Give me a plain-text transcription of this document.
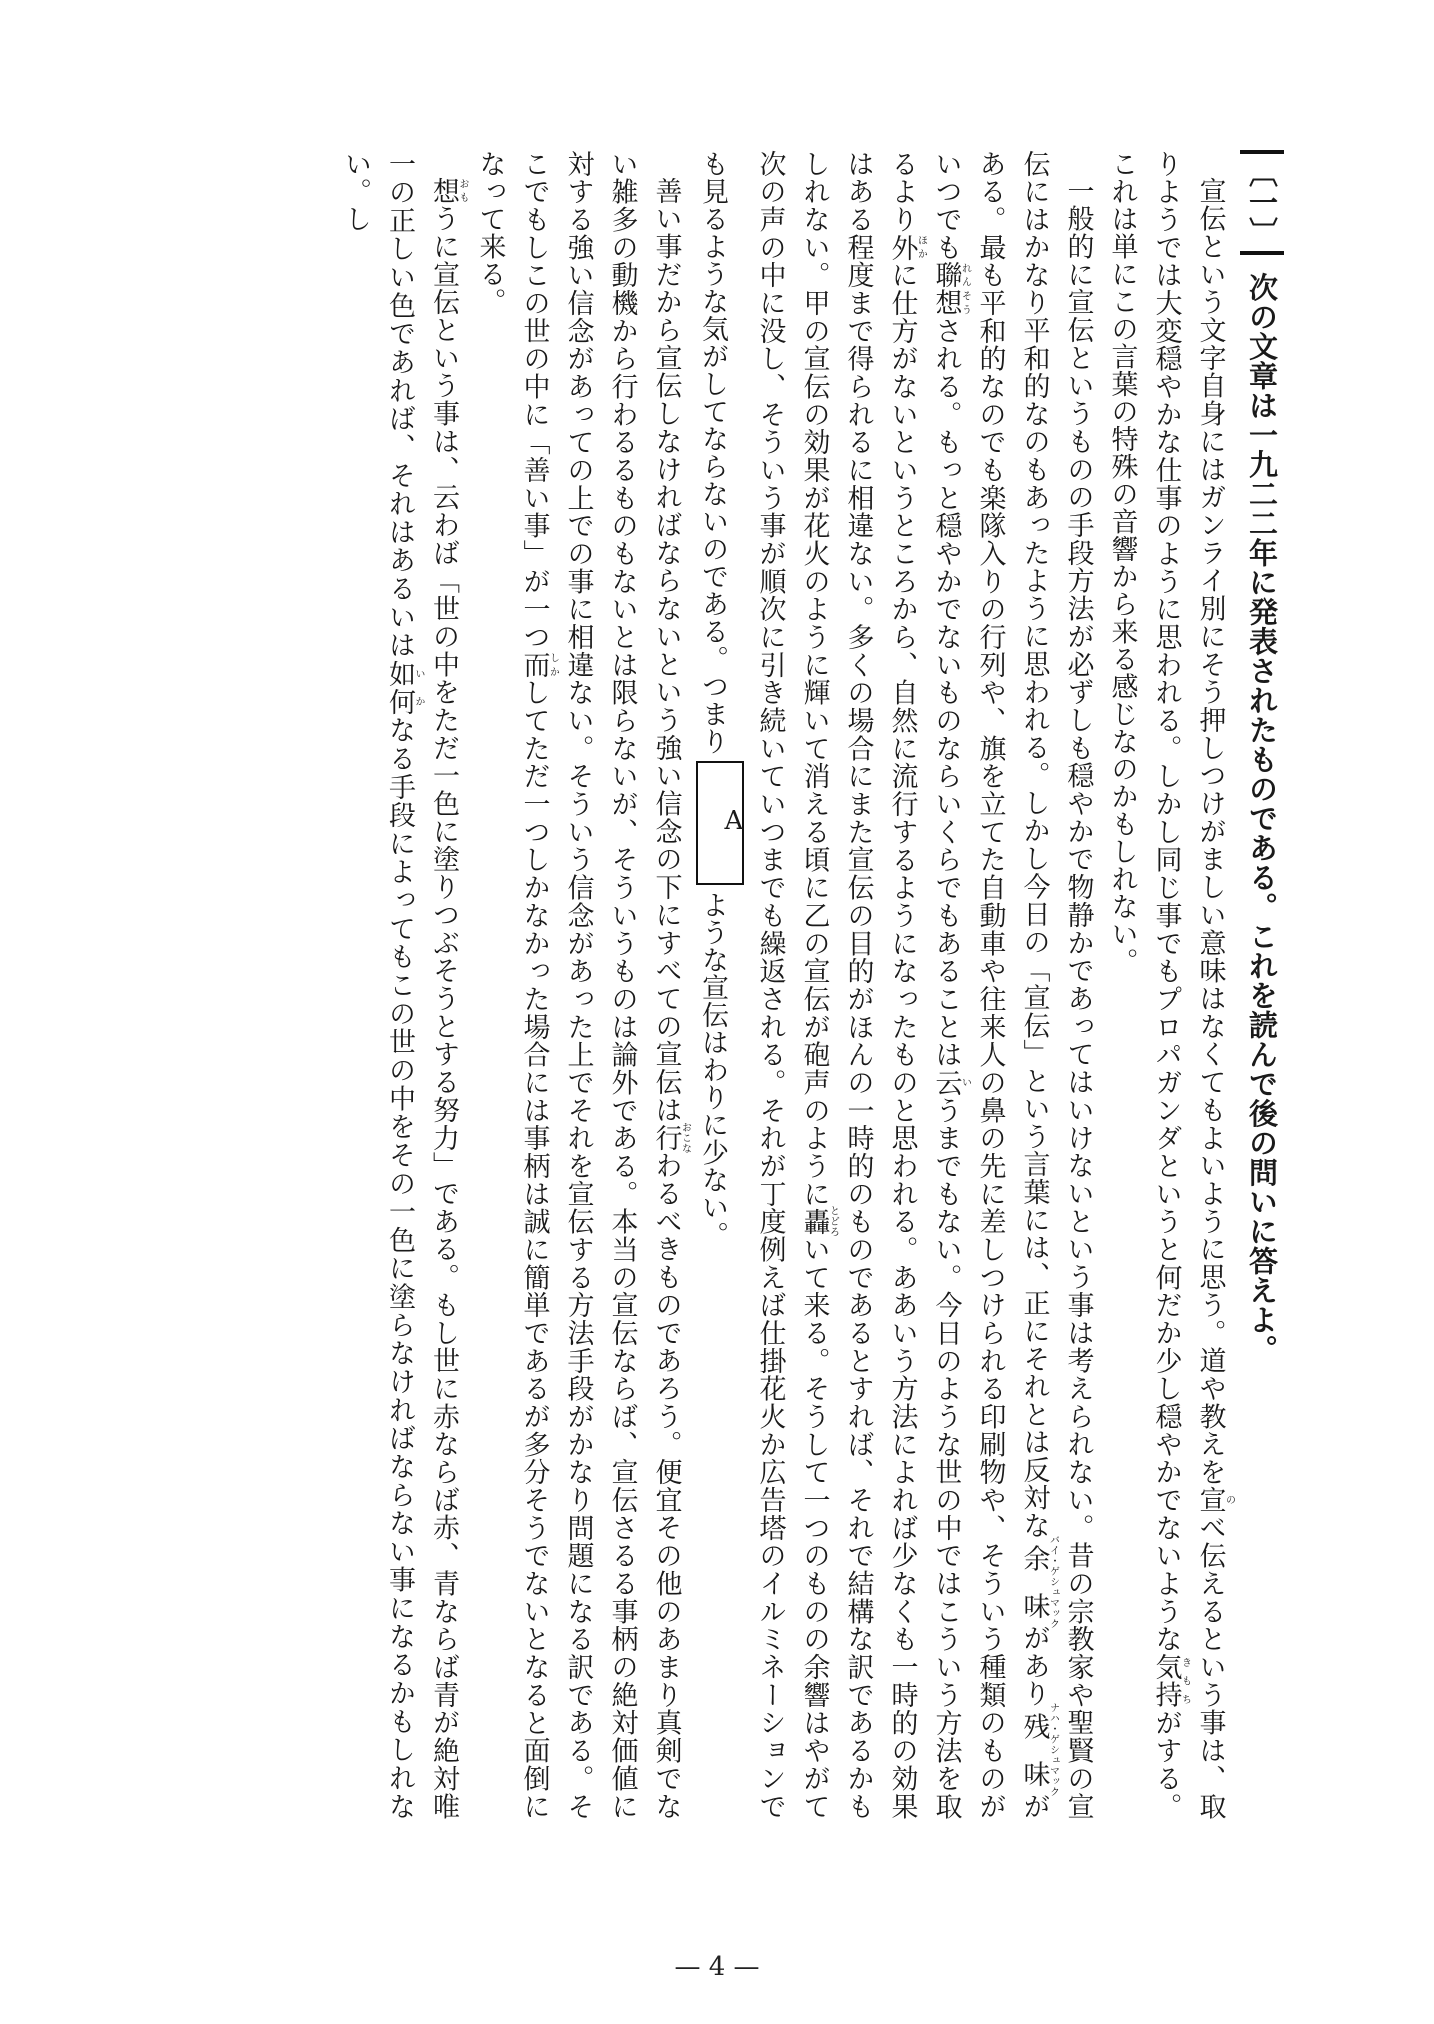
〔一〕次の文章は一九二二年に発表されたものである。これを読んで後の問いに答えよ。

宣伝という文字自身にはガンライ別にそう押しつけがましい意味はなくてもよいように思う。道や教えを宣のべ伝えるという事は、取りようでは大変穏やかな仕事のように思われる。しかし同じ事でもプロパガンダというと何だか少し穏やかでないような気持きもちがする。これは単にこの言葉の特殊の音響から来る感じなのかもしれない。

一般的に宣伝というものの手段方法が必ずしも穏やかで物静かであってはいけないという事は考えられない。昔の宗教家や聖賢の宣伝にはかなり平和的なのもあったように思われる。しかし今日の「宣伝」という言葉には、正にそれとは反対な余味バイ・ゲシュマックがあり残味ナハ・ゲシュマックがある。最も平和的なのでも楽隊入りの行列や、旗を立てた自動車や往来人の鼻の先に差しつけられる印刷物や、そういう種類のものがいつでも聯想れんそうされる。もっと穏やかでないものならいくらでもあることは云いうまでもない。今日のような世の中ではこういう方法を取るより外ほかに仕方がないというところから、自然に流行するようになったものと思われる。ああいう方法によれば少なくも一時的の効果はある程度まで得られるに相違ない。多くの場合にまた宣伝の目的がほんの一時的のものであるとすれば、それで結構な訳であるかもしれない。甲の宣伝の効果が花火のように輝いて消える頃に乙の宣伝が砲声のように轟とどろいて来る。そうして一つのものの余響はやがて次の声の中に没し、そういう事が順次に引き続いていつまでも繰返される。それが丁度例えば仕掛花火か広告塔のイルミネーションでも見るような気がしてならないのである。つまり
A
ような宣伝はわりに少ない。

善い事だから宣伝しなければならないという強い信念の下にすべての宣伝は行おこなわるべきものであろう。便宜その他のあまり真剣でない雑多の動機から行わるるものもないとは限らないが、そういうものは論外である。本当の宣伝ならば、宣伝さるる事柄の絶対価値に対する強い信念があっての上での事に相違ない。そういう信念があった上でそれを宣伝する方法手段がかなり問題になる訳である。そこでもしこの世の中に「善い事」が一つ而しかしてただ一つしかなかった場合には事柄は誠に簡単であるが多分そうでないとなると面倒になって来る。

想おもうに宣伝という事は、云わば「世の中をただ一色に塗りつぶそうとする努力」である。もし世に赤ならば赤、青ならば青が絶対唯一の正しい色であれば、それはあるいは如何いかなる手段によってもこの世の中をその一色に塗らなければならない事になるかもしれない。し

— 4 —
